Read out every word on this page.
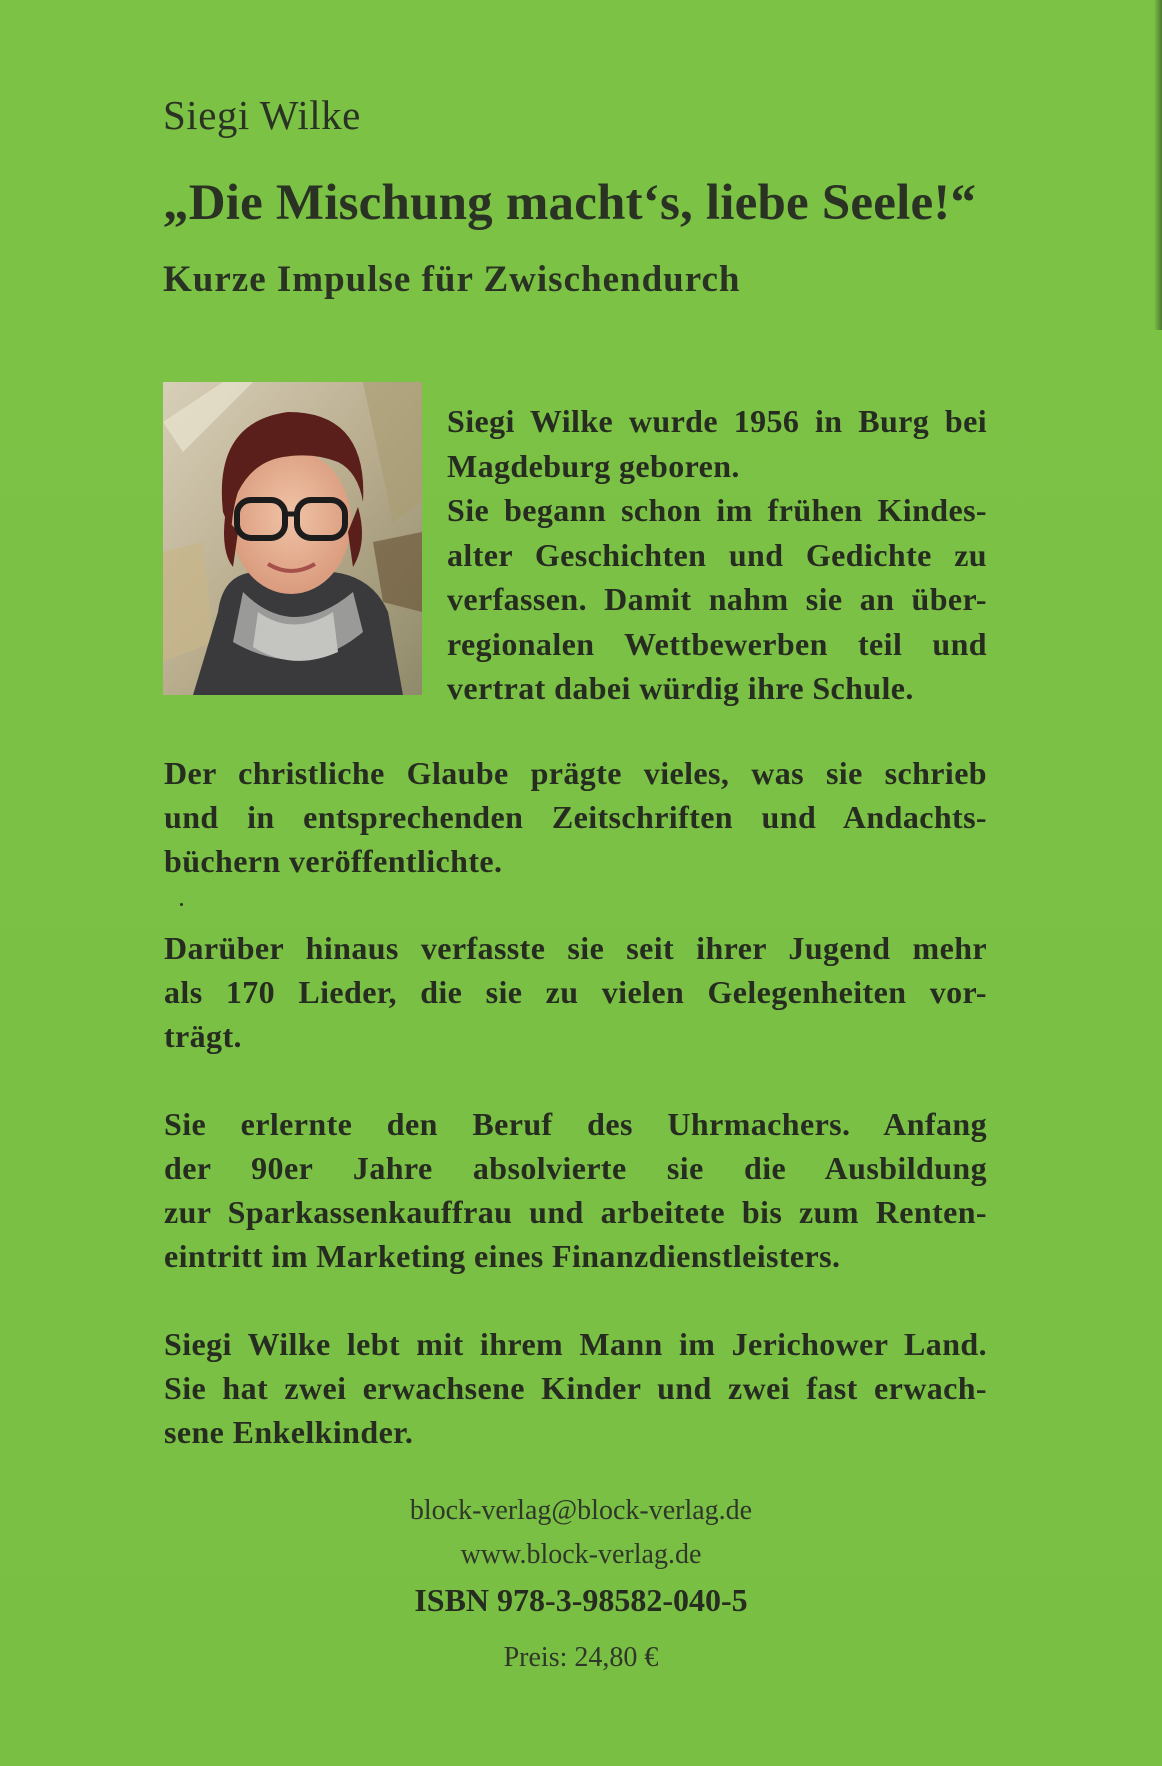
Siegi Wilke
„Die Mischung macht‘s, liebe Seele!“
Kurze Impulse für Zwischendurch
Siegi Wilke wurde 1956 in Burg bei
Magdeburg geboren.
Sie begann schon im frühen Kindes-
alter Geschichten und Gedichte zu
verfassen. Damit nahm sie an über-
regionalen Wettbewerben teil und
vertrat dabei würdig ihre Schule.
Der christliche Glaube prägte vieles, was sie schrieb
und in entsprechenden Zeitschriften und Andachts-
büchern veröffentlichte.
Darüber hinaus verfasste sie seit ihrer Jugend mehr
als 170 Lieder, die sie zu vielen Gelegenheiten vor-
trägt.
Sie erlernte den Beruf des Uhrmachers. Anfang
der 90er Jahre absolvierte sie die Ausbildung
zur Sparkassenkauffrau und arbeitete bis zum Renten-
eintritt im Marketing eines Finanzdienstleisters.
Siegi Wilke lebt mit ihrem Mann im Jerichower Land.
Sie hat zwei erwachsene Kinder und zwei fast erwach-
sene Enkelkinder.
block-verlag@block-verlag.de
www.block-verlag.de
ISBN 978-3-98582-040-5
Preis: 24,80 €
